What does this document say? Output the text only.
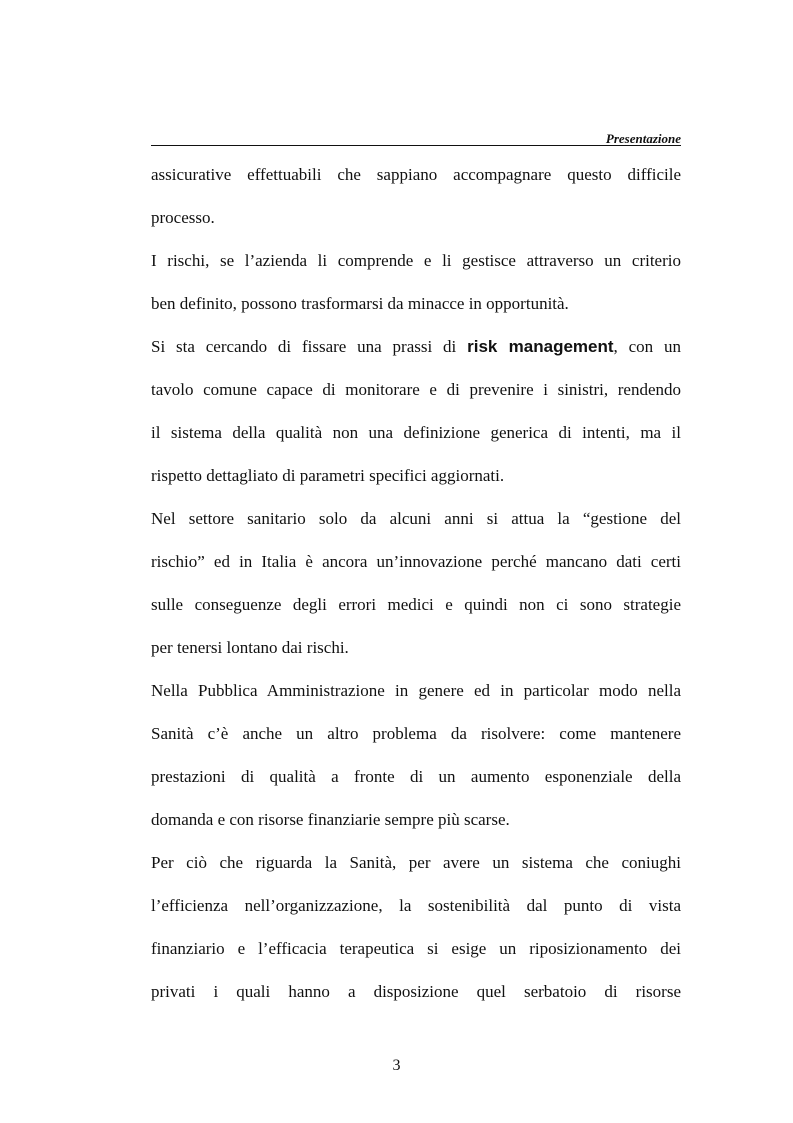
Presentazione
assicurative effettuabili che sappiano accompagnare questo difficile
processo.
I rischi, se l’azienda li comprende e li gestisce attraverso un criterio
ben definito, possono trasformarsi da minacce in opportunità.
Si sta cercando di fissare una prassi di risk management, con un
tavolo comune capace di monitorare e di prevenire i sinistri, rendendo
il sistema della qualità non una definizione generica di intenti, ma il
rispetto dettagliato di parametri specifici aggiornati.
Nel settore sanitario solo da alcuni anni si attua la “gestione del
rischio” ed in Italia è ancora un’innovazione perché mancano dati certi
sulle conseguenze degli errori medici e quindi non ci sono strategie
per tenersi lontano dai rischi.
Nella Pubblica Amministrazione in genere ed in particolar modo nella
Sanità c’è anche un altro problema da risolvere: come mantenere
prestazioni di qualità a fronte di un aumento esponenziale della
domanda e con risorse finanziarie sempre più scarse.
Per ciò che riguarda la Sanità, per avere un sistema che coniughi
l’efficienza nell’organizzazione, la sostenibilità dal punto di vista
finanziario e l’efficacia terapeutica si esige un riposizionamento dei
privati i quali hanno a disposizione quel serbatoio di risorse
3
